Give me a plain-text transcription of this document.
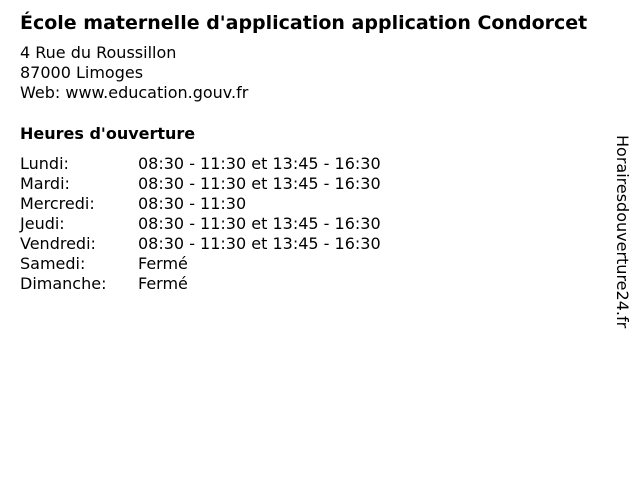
École maternelle d'application application Condorcet
4 Rue du Roussillon
87000 Limoges
Web: www.education.gouv.fr
Heures d'ouverture
Lundi:	08:30 - 11:30 et 13:45 - 16:30
Mardi:	08:30 - 11:30 et 13:45 - 16:30
Mercredi:	08:30 - 11:30
Jeudi:	08:30 - 11:30 et 13:45 - 16:30
Vendredi:	08:30 - 11:30 et 13:45 - 16:30
Samedi:	Fermé
Dimanche: Fermé	Horairesdouverture24.fr
